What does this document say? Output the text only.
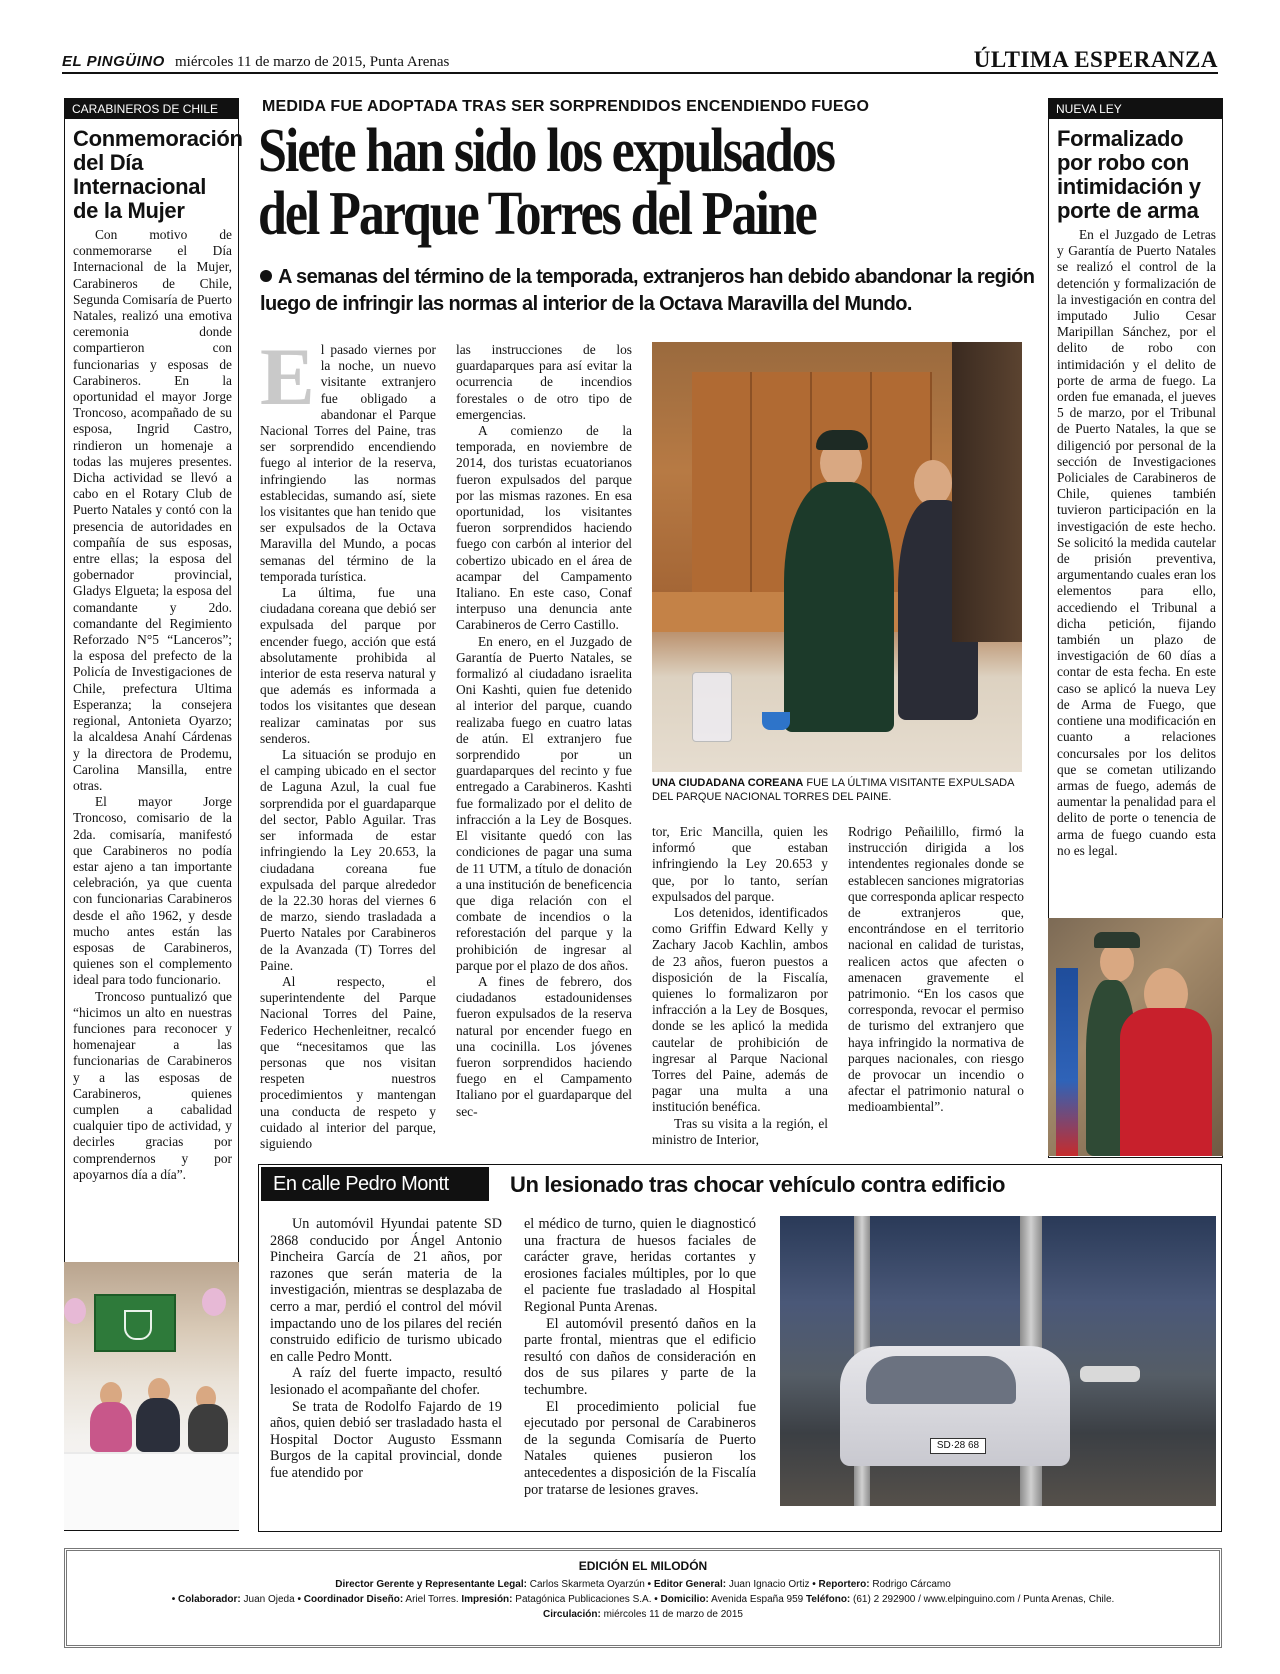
EL PINGÜINO miércoles 11 de marzo de 2015, Punta Arenas	ÚLTIMA ESPERANZA
CARABINEROS DE CHILE
Conmemoración del Día Internacional de la Mujer

Con motivo de conmemorarse el Día Internacional de la Mujer, Carabineros de Chile, Segunda Comisaría de Puerto Natales, realizó una emotiva ceremonia donde compartieron con funcionarias y esposas de Carabineros. En la oportunidad el mayor Jorge Troncoso, acompañado de su esposa, Ingrid Castro, rindieron un homenaje a todas las mujeres presentes. Dicha actividad se llevó a cabo en el Rotary Club de Puerto Natales y contó con la presencia de autoridades en compañía de sus esposas, entre ellas; la esposa del gobernador provincial, Gladys Elgueta; la esposa del comandante y 2do. comandante del Regimiento Reforzado N°5 “Lanceros”; la esposa del prefecto de la Policía de Investigaciones de Chile, prefectura Ultima Esperanza; la consejera regional, Antonieta Oyarzo; la alcaldesa Anahí Cárdenas y la directora de Prodemu, Carolina Mansilla, entre otras.

El mayor Jorge Troncoso, comisario de la 2da. comisaría, manifestó que Carabineros no podía estar ajeno a tan importante celebración, ya que cuenta con funcionarias Carabineros desde el año 1962, y desde mucho antes están las esposas de Carabineros, quienes son el complemento ideal para todo funcionario.

Troncoso puntualizó que “hicimos un alto en nuestras funciones para reconocer y homenajear a las funcionarias de Carabineros y a las esposas de Carabineros, quienes cumplen a cabalidad cualquier tipo de actividad, y decirles gracias por comprendernos y por apoyarnos día a día”.

MEDIDA FUE ADOPTADA TRAS SER SORPRENDIDOS ENCENDIENDO FUEGO
Siete han sido los expulsados
del Parque Torres del Paine
A semanas del término de la temporada, extranjeros han debido abandonar la región luego de infringir las normas al interior de la Octava Maravilla del Mundo.

El pasado viernes por la noche, un nuevo visitante extranjero fue obligado a abandonar el Parque Nacional Torres del Paine, tras ser sorprendido encendiendo fuego al interior de la reserva, infringiendo las normas establecidas, sumando así, siete los visitantes que han tenido que ser expulsados de la Octava Maravilla del Mundo, a pocas semanas del término de la temporada turística.

La última, fue una ciudadana coreana que debió ser expulsada del parque por encender fuego, acción que está absolutamente prohibida al interior de esta reserva natural y que además es informada a todos los visitantes que desean realizar caminatas por sus senderos.

La situación se produjo en el camping ubicado en el sector de Laguna Azul, la cual fue sorprendida por el guardaparque del sector, Pablo Aguilar. Tras ser informada de estar infringiendo la Ley 20.653, la ciudadana coreana fue expulsada del parque alrededor de la 22.30 horas del viernes 6 de marzo, siendo trasladada a Puerto Natales por Carabineros de la Avanzada (T) Torres del Paine.

Al respecto, el superintendente del Parque Nacional Torres del Paine, Federico Hechenleitner, recalcó que “necesitamos que las personas que nos visitan respeten nuestros procedimientos y mantengan una conducta de respeto y cuidado al interior del parque, siguiendo

las instrucciones de los guardaparques para así evitar la ocurrencia de incendios forestales o de otro tipo de emergencias.

A comienzo de la temporada, en noviembre de 2014, dos turistas ecuatorianos fueron expulsados del parque por las mismas razones. En esa oportunidad, los visitantes fueron sorprendidos haciendo fuego con carbón al interior del cobertizo ubicado en el área de acampar del Campamento Italiano. En este caso, Conaf interpuso una denuncia ante Carabineros de Cerro Castillo.

En enero, en el Juzgado de Garantía de Puerto Natales, se formalizó al ciudadano israelita Oni Kashti, quien fue detenido al interior del parque, cuando realizaba fuego en cuatro latas de atún. El extranjero fue sorprendido por un guardaparques del recinto y fue entregado a Carabineros. Kashti fue formalizado por el delito de infracción a la Ley de Bosques. El visitante quedó con las condiciones de pagar una suma de 11 UTM, a título de donación a una institución de beneficencia que diga relación con el combate de incendios o la reforestación del parque y la prohibición de ingresar al parque por el plazo de dos años.

A fines de febrero, dos ciudadanos estadounidenses fueron expulsados de la reserva natural por encender fuego en una cocinilla. Los jóvenes fueron sorprendidos haciendo fuego en el Campamento Italiano por el guardaparque del sec-

UNA CIUDADANA COREANA FUE LA ÚLTIMA VISITANTE EXPULSADA DEL PARQUE NACIONAL TORRES DEL PAINE.

tor, Eric Mancilla, quien les informó que estaban infringiendo la Ley 20.653 y que, por lo tanto, serían expulsados del parque.

Los detenidos, identificados como Griffin Edward Kelly y Zachary Jacob Kachlin, ambos de 23 años, fueron puestos a disposición de la Fiscalía, quienes lo formalizaron por infracción a la Ley de Bosques, donde se les aplicó la medida cautelar de prohibición de ingresar al Parque Nacional Torres del Paine, además de pagar una multa a una institución benéfica.

Tras su visita a la región, el ministro de Interior,

Rodrigo Peñailillo, firmó la instrucción dirigida a los intendentes regionales donde se establecen sanciones migratorias que corresponda aplicar respecto de extranjeros que, encontrándose en el territorio nacional en calidad de turistas, realicen actos que afecten o amenacen gravemente el patrimonio. “En los casos que corresponda, revocar el permiso de turismo del extranjero que haya infringido la normativa de parques nacionales, con riesgo de provocar un incendio o afectar el patrimonio natural o medioambiental”.

NUEVA LEY
Formalizado por robo con intimidación y porte de arma

En el Juzgado de Letras y Garantía de Puerto Natales se realizó el control de la detención y formalización de la investigación en contra del imputado Julio Cesar Maripillan Sánchez, por el delito de robo con intimidación y el delito de porte de arma de fuego. La orden fue emanada, el jueves 5 de marzo, por el Tribunal de Puerto Natales, la que se diligenció por personal de la sección de Investigaciones Policiales de Carabineros de Chile, quienes también tuvieron participación en la investigación de este hecho. Se solicitó la medida cautelar de prisión preventiva, argumentando cuales eran los elementos para ello, accediendo el Tribunal a dicha petición, fijando también un plazo de investigación de 60 días a contar de esta fecha. En este caso se aplicó la nueva Ley de Arma de Fuego, que contiene una modificación en cuanto a relaciones concursales por los delitos que se cometan utilizando armas de fuego, además de aumentar la penalidad para el delito de porte o tenencia de arma de fuego cuando esta no es legal.

En calle Pedro Montt	Un lesionado tras chocar vehículo contra edificio

Un automóvil Hyundai patente SD 2868 conducido por Ángel Antonio Pincheira García de 21 años, por razones que serán materia de la investigación, mientras se desplazaba de cerro a mar, perdió el control del móvil impactando uno de los pilares del recién construido edificio de turismo ubicado en calle Pedro Montt.

A raíz del fuerte impacto, resultó lesionado el acompañante del chofer.

Se trata de Rodolfo Fajardo de 19 años, quien debió ser trasladado hasta el Hospital Doctor Augusto Essmann Burgos de la capital provincial, donde fue atendido por

el médico de turno, quien le diagnosticó una fractura de huesos faciales de carácter grave, heridas cortantes y erosiones faciales múltiples, por lo que el paciente fue trasladado al Hospital Regional Punta Arenas.

El automóvil presentó daños en la parte frontal, mientras que el edificio resultó con daños de consideración en dos de sus pilares y parte de la techumbre.

El procedimiento policial fue ejecutado por personal de Carabineros de la segunda Comisaría de Puerto Natales quienes pusieron los antecedentes a disposición de la Fiscalía por tratarse de lesiones graves.

SD·28 68
EDICIÓN EL MILODÓN
Director Gerente y Representante Legal: Carlos Skarmeta Oyarzún • Editor General: Juan Ignacio Ortiz • Reportero: Rodrigo Cárcamo
• Colaborador: Juan Ojeda • Coordinador Diseño: Ariel Torres. Impresión: Patagónica Publicaciones S.A. • Domicilio: Avenida España 959 Teléfono: (61) 2 292900 / www.elpinguino.com / Punta Arenas, Chile.
Circulación: miércoles 11 de marzo de 2015
